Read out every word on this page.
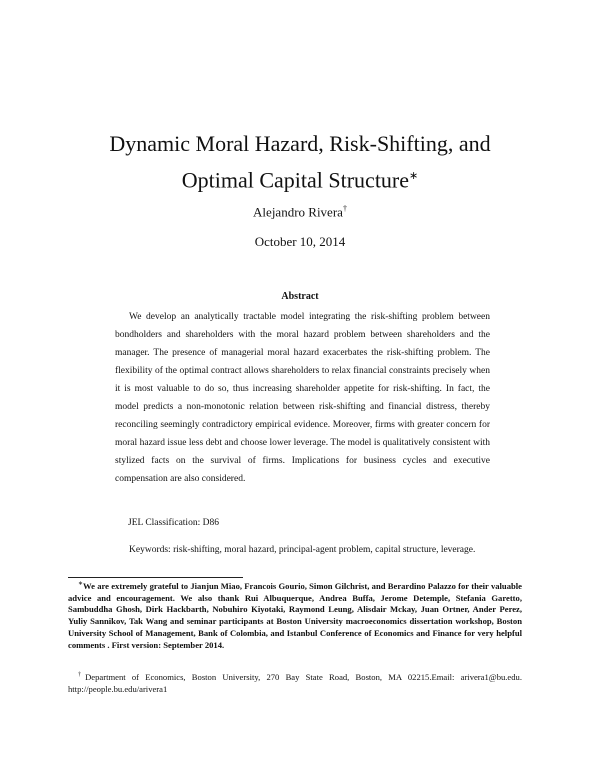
Dynamic Moral Hazard, Risk-Shifting, and
Optimal Capital Structure∗
Alejandro Rivera†
October 10, 2014
Abstract
We develop an analytically tractable model integrating the risk-shifting problem between bondholders and shareholders with the moral hazard problem between shareholders and the manager. The presence of managerial moral hazard exacerbates the risk-shifting problem. The flexibility of the optimal contract allows shareholders to relax financial constraints precisely when it is most valuable to do so, thus increasing shareholder appetite for risk-shifting. In fact, the model predicts a non-monotonic relation between risk-shifting and financial distress, thereby reconciling seemingly contradictory empirical evidence. Moreover, firms with greater concern for moral hazard issue less debt and choose lower leverage. The model is qualitatively consistent with stylized facts on the survival of firms. Implications for business cycles and executive compensation are also considered.
JEL Classification: D86
Keywords: risk-shifting, moral hazard, principal-agent problem, capital structure, leverage.
∗We are extremely grateful to Jianjun Miao, Francois Gourio, Simon Gilchrist, and Berardino Palazzo for their valuable advice and encouragement. We also thank Rui Albuquerque, Andrea Buffa, Jerome Detemple, Stefania Garetto, Sambuddha Ghosh, Dirk Hackbarth, Nobuhiro Kiyotaki, Raymond Leung, Alisdair Mckay, Juan Ortner, Ander Perez, Yuliy Sannikov, Tak Wang and seminar participants at Boston University macroeconomics dissertation workshop, Boston University School of Management, Bank of Colombia, and Istanbul Conference of Economics and Finance for very helpful comments . First version: September 2014.
†Department of Economics, Boston University, 270 Bay State Road, Boston, MA 02215.Email: arivera1@bu.edu. http://people.bu.edu/arivera1
